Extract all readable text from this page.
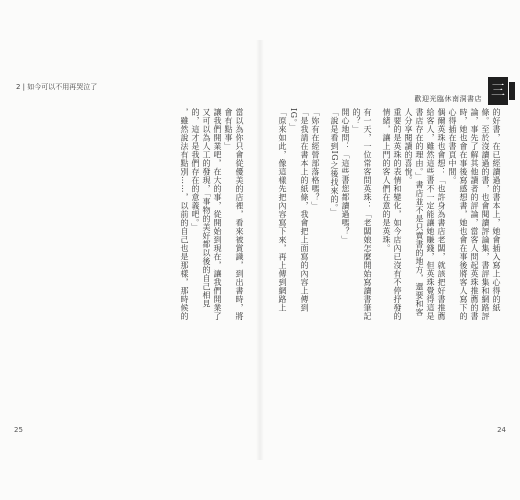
2 | 如今可以不用再哭泣了
歡迎光臨休南洞書店 三

的好書，在已經讀過的書本上，她會插入寫上心得的紙條。至於沒讀過的書，也會閱讀評論集，書評集和網路評論，事先了解其他讀者的評論，當客人問起英珠推薦的書時，她也會在事後寫感想書，她也會在事後將客人寫下的心得插在書頁中間。

偶爾英珠也會想：「也許身為書店老闆，就該把好書推薦給客人，雖然這些書不一定能讓她賺錢，但英珠覺得這是書店存在的理由。」書店並不是只賣書的地方，還要和客人分享閱讀的喜悅。

重要的是英珠的表情和變化，如今店內已沒有不停抒發的情緒，讓上門的客人們在意的是英珠。

有一天，一位常客問英珠：「老闆娘怎麼開始寫讀書筆記的？」

開心地問：「這些書您都讀過嗎？」

「說是看到IG之後找來的。」

「妳有在經營部落格嗎？」

「是我請在書本上的紙條，我會把上面寫的內容上傳到IG。」

「原來如此，像這樣先把內容寫下來，再上傳到網路上

當以為你只會從優美的店裡，看來被賞識，到出書時，將會有點事」

讓我們開業吧，在大的事，從開始到現在，讓我們開業了又可以為人工的發現，「事物的美好都以後的自己相見的，這才是我們存在的意義吧。」

，雖然說法有點別……，以前的自己也是那樣，那時候的

25	24
